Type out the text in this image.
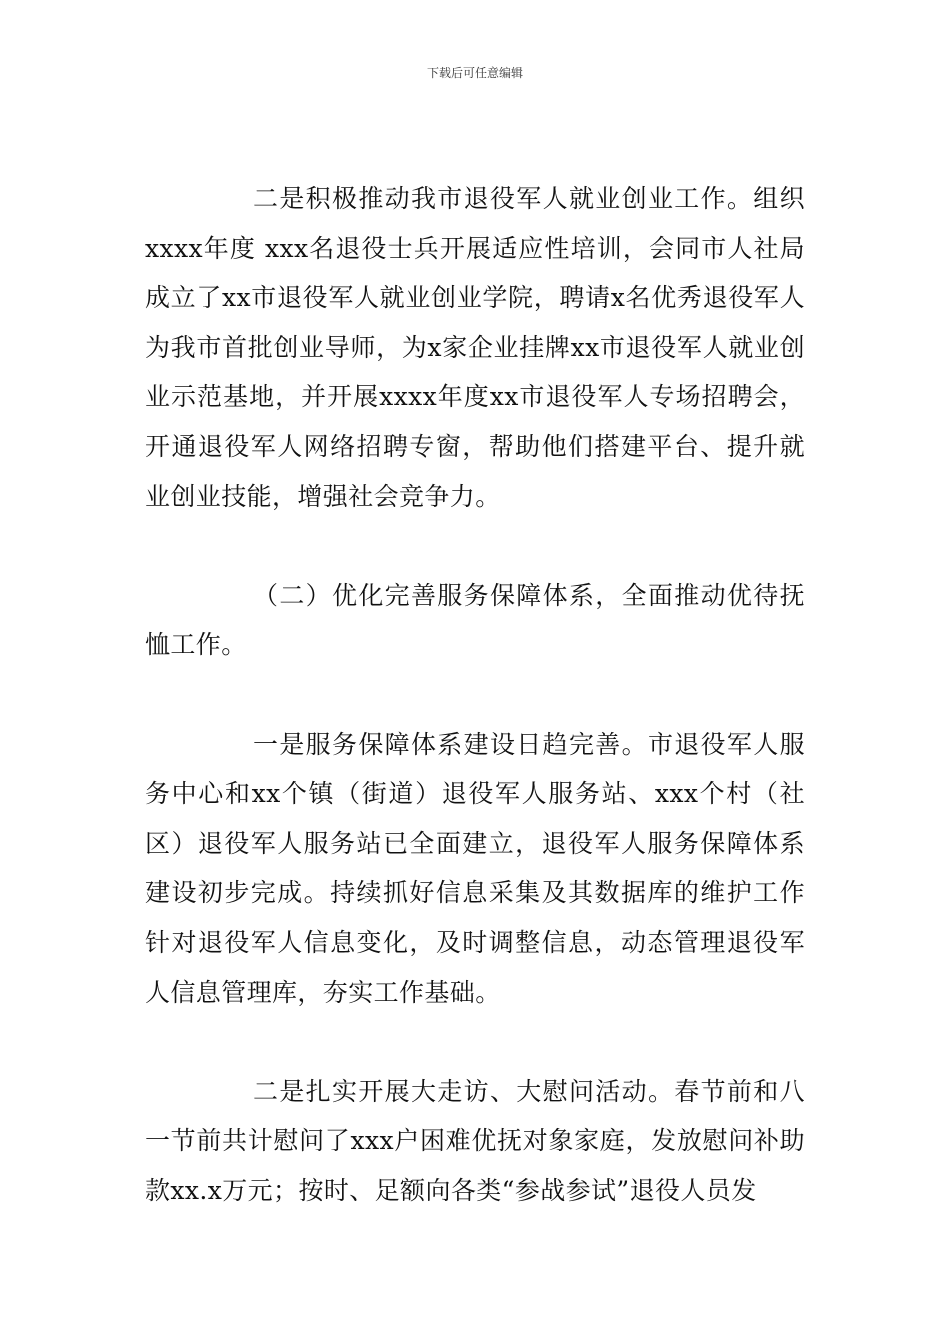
下载后可任意编辑

二是积极推动我市退役军人就业创业工作。组织xxxx年度 xxx名退役士兵开展适应性培训，会同市人社局成立了xx市退役军人就业创业学院，聘请x名优秀退役军人为我市首批创业导师，为x家企业挂牌xx市退役军人就业创业示范基地，并开展xxxx年度xx市退役军人专场招聘会，开通退役军人网络招聘专窗，帮助他们搭建平台、提升就业创业技能，增强社会竞争力。

（二）优化完善服务保障体系，全面推动优待抚恤工作。

一是服务保障体系建设日趋完善。市退役军人服务中心和xx个镇（街道）退役军人服务站、xxx个村（社区）退役军人服务站已全面建立，退役军人服务保障体系建设初步完成。持续抓好信息采集及其数据库的维护工作针对退役军人信息变化，及时调整信息，动态管理退役军人信息管理库，夯实工作基础。

二是扎实开展大走访、大慰问活动。春节前和八一节前共计慰问了xxx户困难优抚对象家庭，发放慰问补助款xx.x万元；按时、足额向各类“参战参试”退役人员发
